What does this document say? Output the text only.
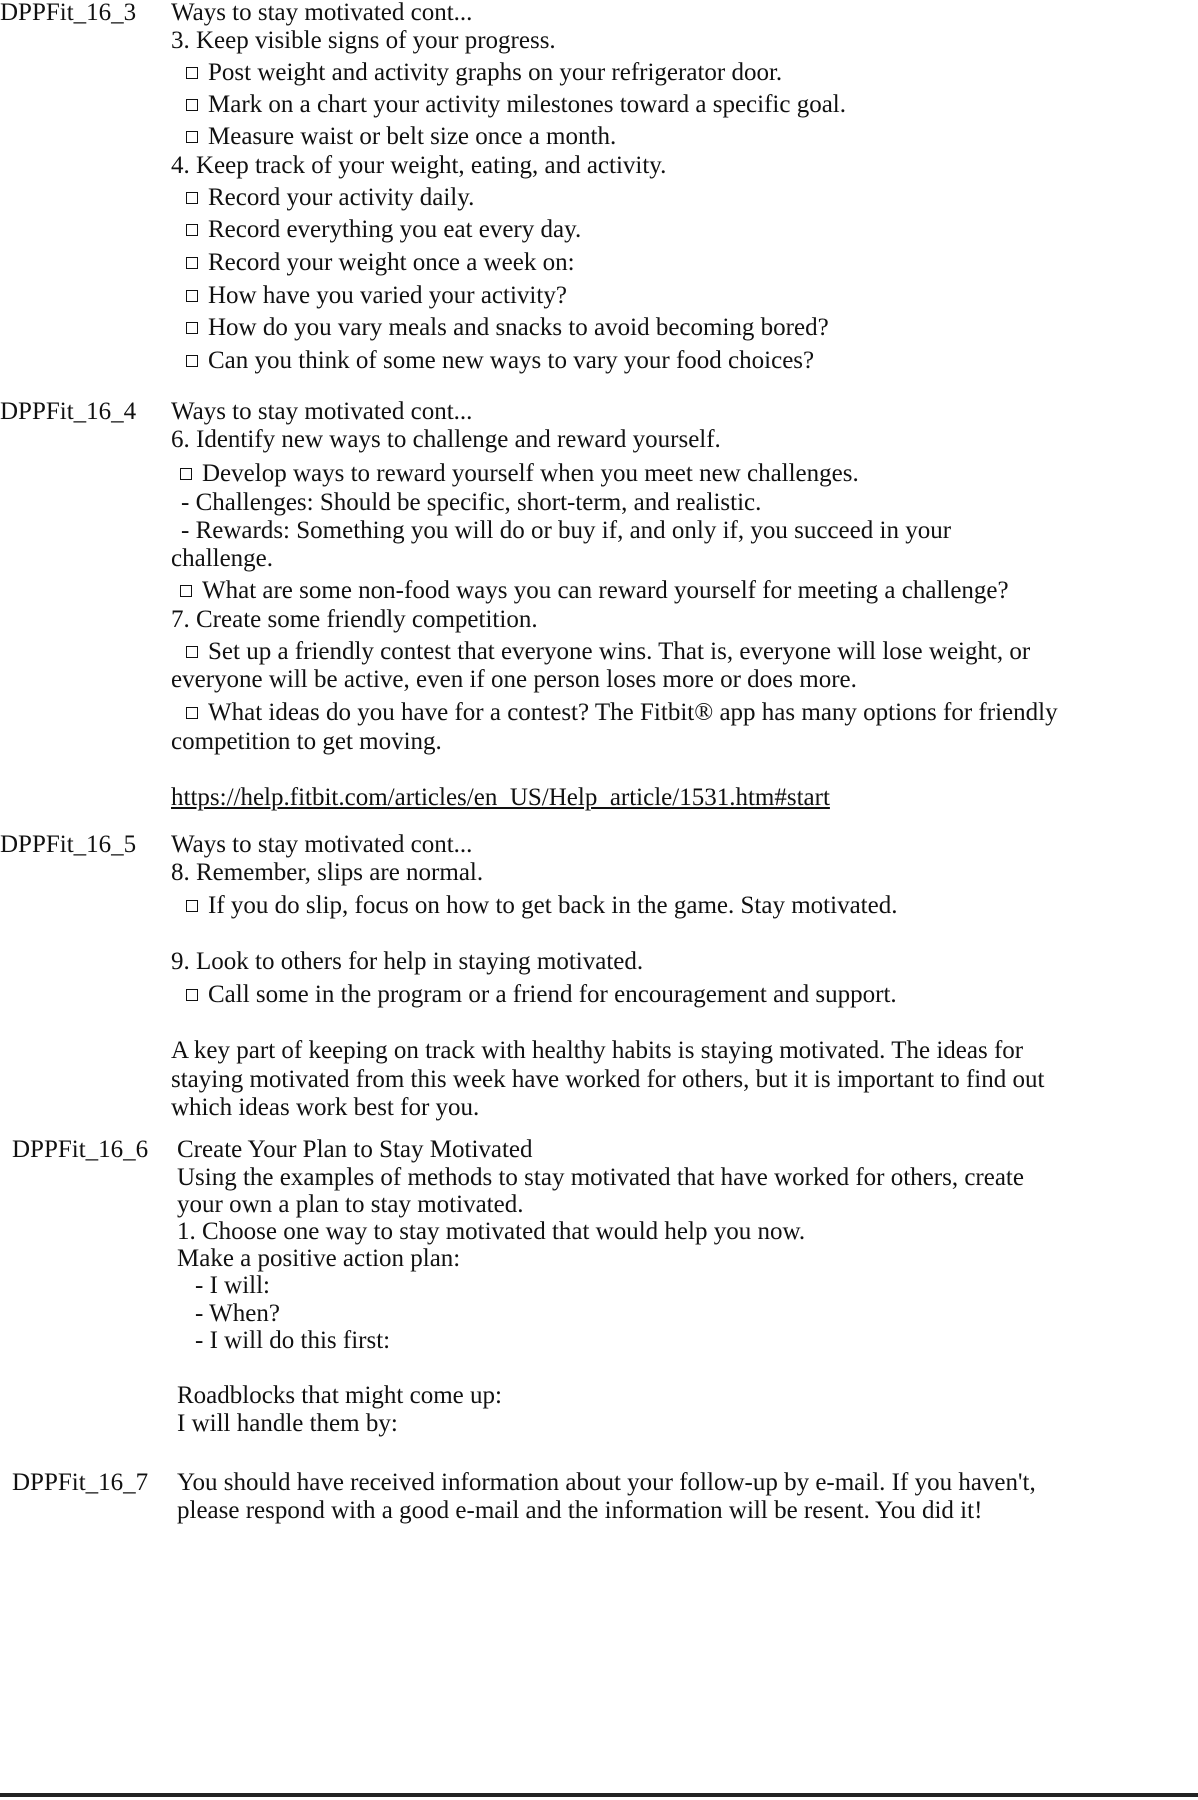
DPPFit_16_3 Ways to stay motivated cont...
3. Keep visible signs of your progress.
Post weight and activity graphs on your refrigerator door.
Mark on a chart your activity milestones toward a specific goal.
Measure waist or belt size once a month.
4. Keep track of your weight, eating, and activity.
Record your activity daily.
Record everything you eat every day.
Record your weight once a week on:
How have you varied your activity?
How do you vary meals and snacks to avoid becoming bored?
Can you think of some new ways to vary your food choices?
DPPFit_16_4 Ways to stay motivated cont...
6. Identify new ways to challenge and reward yourself.
Develop ways to reward yourself when you meet new challenges.
- Challenges: Should be specific, short-term, and realistic.
- Rewards: Something you will do or buy if, and only if, you succeed in your
challenge.
What are some non-food ways you can reward yourself for meeting a challenge?
7. Create some friendly competition.
Set up a friendly contest that everyone wins. That is, everyone will lose weight, or
everyone will be active, even if one person loses more or does more.
What ideas do you have for a contest? The Fitbit® app has many options for friendly
competition to get moving.
https://help.fitbit.com/articles/en_US/Help_article/1531.htm#start
DPPFit_16_5 Ways to stay motivated cont...
8. Remember, slips are normal.
If you do slip, focus on how to get back in the game. Stay motivated.
9. Look to others for help in staying motivated.
Call some in the program or a friend for encouragement and support.
A key part of keeping on track with healthy habits is staying motivated. The ideas for
staying motivated from this week have worked for others, but it is important to find out
which ideas work best for you.
DPPFit_16_6 Create Your Plan to Stay Motivated
Using the examples of methods to stay motivated that have worked for others, create
your own a plan to stay motivated.
1. Choose one way to stay motivated that would help you now.
Make a positive action plan:
- I will:
- When?
- I will do this first:
Roadblocks that might come up:
I will handle them by:
DPPFit_16_7 You should have received information about your follow-up by e-mail. If you haven't,
please respond with a good e-mail and the information will be resent. You did it!
